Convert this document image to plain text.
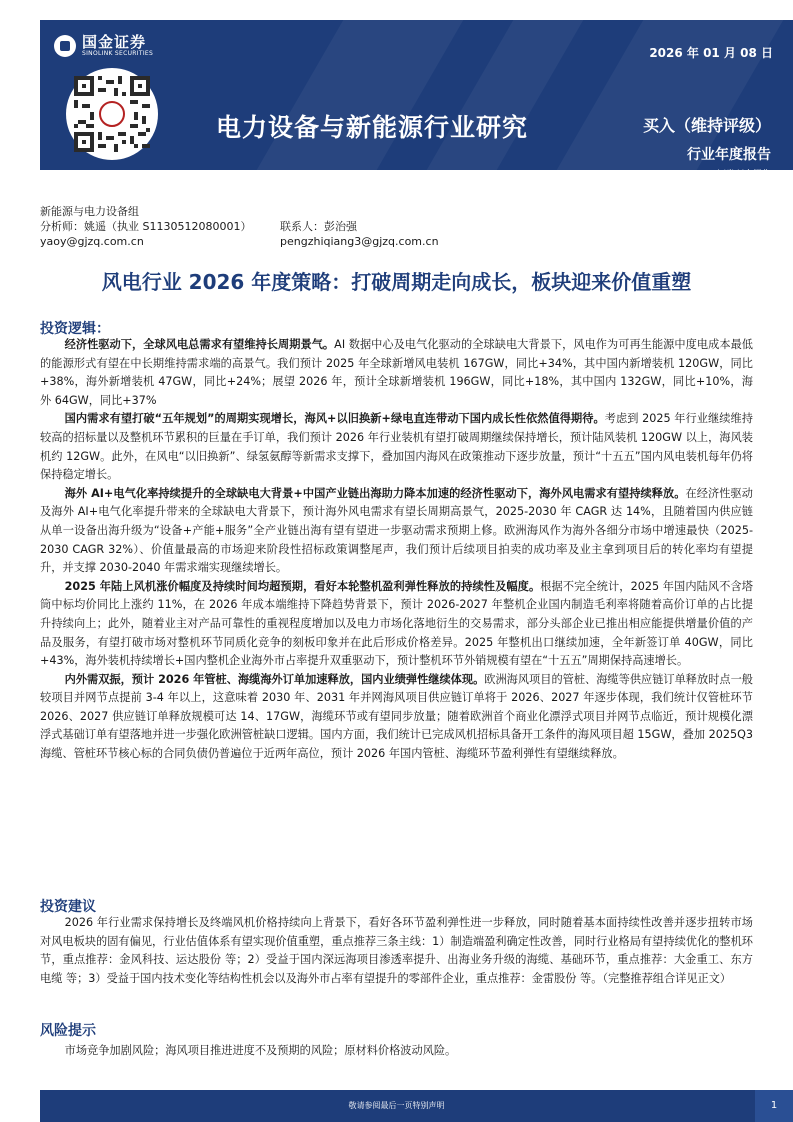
国金证券
SINOLINK SECURITIES	2026 年 01 月 08 日
电力设备与新能源行业研究	买入（维持评级）
行业年度报告
证券研究报告
新能源与电力设备组
分析师：姚遥（执业 S1130512080001）	联系人：彭治强
yaoy@gjzq.com.cn	pengzhiqiang3@gjzq.com.cn
风电行业 2026 年度策略：打破周期走向成长，板块迎来价值重塑
投资逻辑：

经济性驱动下，全球风电总需求有望维持长周期景气。AI 数据中心及电气化驱动的全球缺电大背景下，风电作为可再生能源中度电成本最低的能源形式有望在中长期维持需求端的高景气。我们预计 2025 年全球新增风电装机 167GW，同比+34%，其中国内新增装机 120GW，同比+38%，海外新增装机 47GW，同比+24%；展望 2026 年，预计全球新增装机 196GW，同比+18%，其中国内 132GW，同比+10%，海外 64GW，同比+37%

国内需求有望打破“五年规划”的周期实现增长，海风+以旧换新+绿电直连带动下国内成长性依然值得期待。考虑到 2025 年行业继续维持较高的招标量以及整机环节累积的巨量在手订单，我们预计 2026 年行业装机有望打破周期继续保持增长，预计陆风装机 120GW 以上，海风装机约 12GW。此外，在风电“以旧换新”、绿氢氨醇等新需求支撑下，叠加国内海风在政策推动下逐步放量，预计“十五五”国内风电装机每年仍将保持稳定增长。

海外 AI+电气化率持续提升的全球缺电大背景+中国产业链出海助力降本加速的经济性驱动下，海外风电需求有望持续释放。在经济性驱动及海外 AI+电气化率提升带来的全球缺电大背景下，预计海外风电需求有望长周期高景气，2025-2030 年 CAGR 达 14%，且随着国内供应链从单一设备出海升级为“设备+产能+服务”全产业链出海有望有望进一步驱动需求预期上修。欧洲海风作为海外各细分市场中增速最快（2025-2030 CAGR 32%）、价值量最高的市场迎来阶段性招标政策调整尾声，我们预计后续项目拍卖的成功率及业主拿到项目后的转化率均有望提升，并支撑 2030-2040 年需求端实现继续增长。

2025 年陆上风机涨价幅度及持续时间均超预期，看好本轮整机盈利弹性释放的持续性及幅度。根据不完全统计，2025 年国内陆风不含塔筒中标均价同比上涨约 11%，在 2026 年成本端维持下降趋势背景下，预计 2026-2027 年整机企业国内制造毛利率将随着高价订单的占比提升持续向上；此外，随着业主对产品可靠性的重视程度增加以及电力市场化落地衍生的交易需求，部分头部企业已推出相应能提供增量价值的产品及服务，有望打破市场对整机环节同质化竞争的刻板印象并在此后形成价格差异。2025 年整机出口继续加速，全年新签订单 40GW，同比+43%，海外装机持续增长+国内整机企业海外市占率提升双重驱动下，预计整机环节外销规模有望在“十五五”周期保持高速增长。

内外需双振，预计 2026 年管桩、海缆海外订单加速释放，国内业绩弹性继续体现。欧洲海风项目的管桩、海缆等供应链订单释放时点一般较项目并网节点提前 3-4 年以上，这意味着 2030 年、2031 年并网海风项目供应链订单将于 2026、2027 年逐步体现，我们统计仅管桩环节 2026、2027 供应链订单释放规模可达 14、17GW，海缆环节或有望同步放量；随着欧洲首个商业化漂浮式项目并网节点临近，预计规模化漂浮式基础订单有望落地并进一步强化欧洲管桩缺口逻辑。国内方面，我们统计已完成风机招标具备开工条件的海风项目超 15GW，叠加 2025Q3 海缆、管桩环节核心标的合同负债仍普遍位于近两年高位，预计 2026 年国内管桩、海缆环节盈利弹性有望继续释放。

投资建议

2026 年行业需求保持增长及终端风机价格持续向上背景下，看好各环节盈利弹性进一步释放，同时随着基本面持续性改善并逐步扭转市场对风电板块的固有偏见，行业估值体系有望实现价值重塑，重点推荐三条主线：1）制造端盈利确定性改善，同时行业格局有望持续优化的整机环节，重点推荐：金风科技、运达股份 等；2）受益于国内深远海项目渗透率提升、出海业务升级的海缆、基础环节，重点推荐：大金重工、东方电缆 等；3）受益于国内技术变化等结构性机会以及海外市占率有望提升的零部件企业，重点推荐：金雷股份 等。（完整推荐组合详见正文）

风险提示

市场竞争加剧风险；海风项目推进进度不及预期的风险；原材料价格波动风险。

敬请参阅最后一页特别声明	1
